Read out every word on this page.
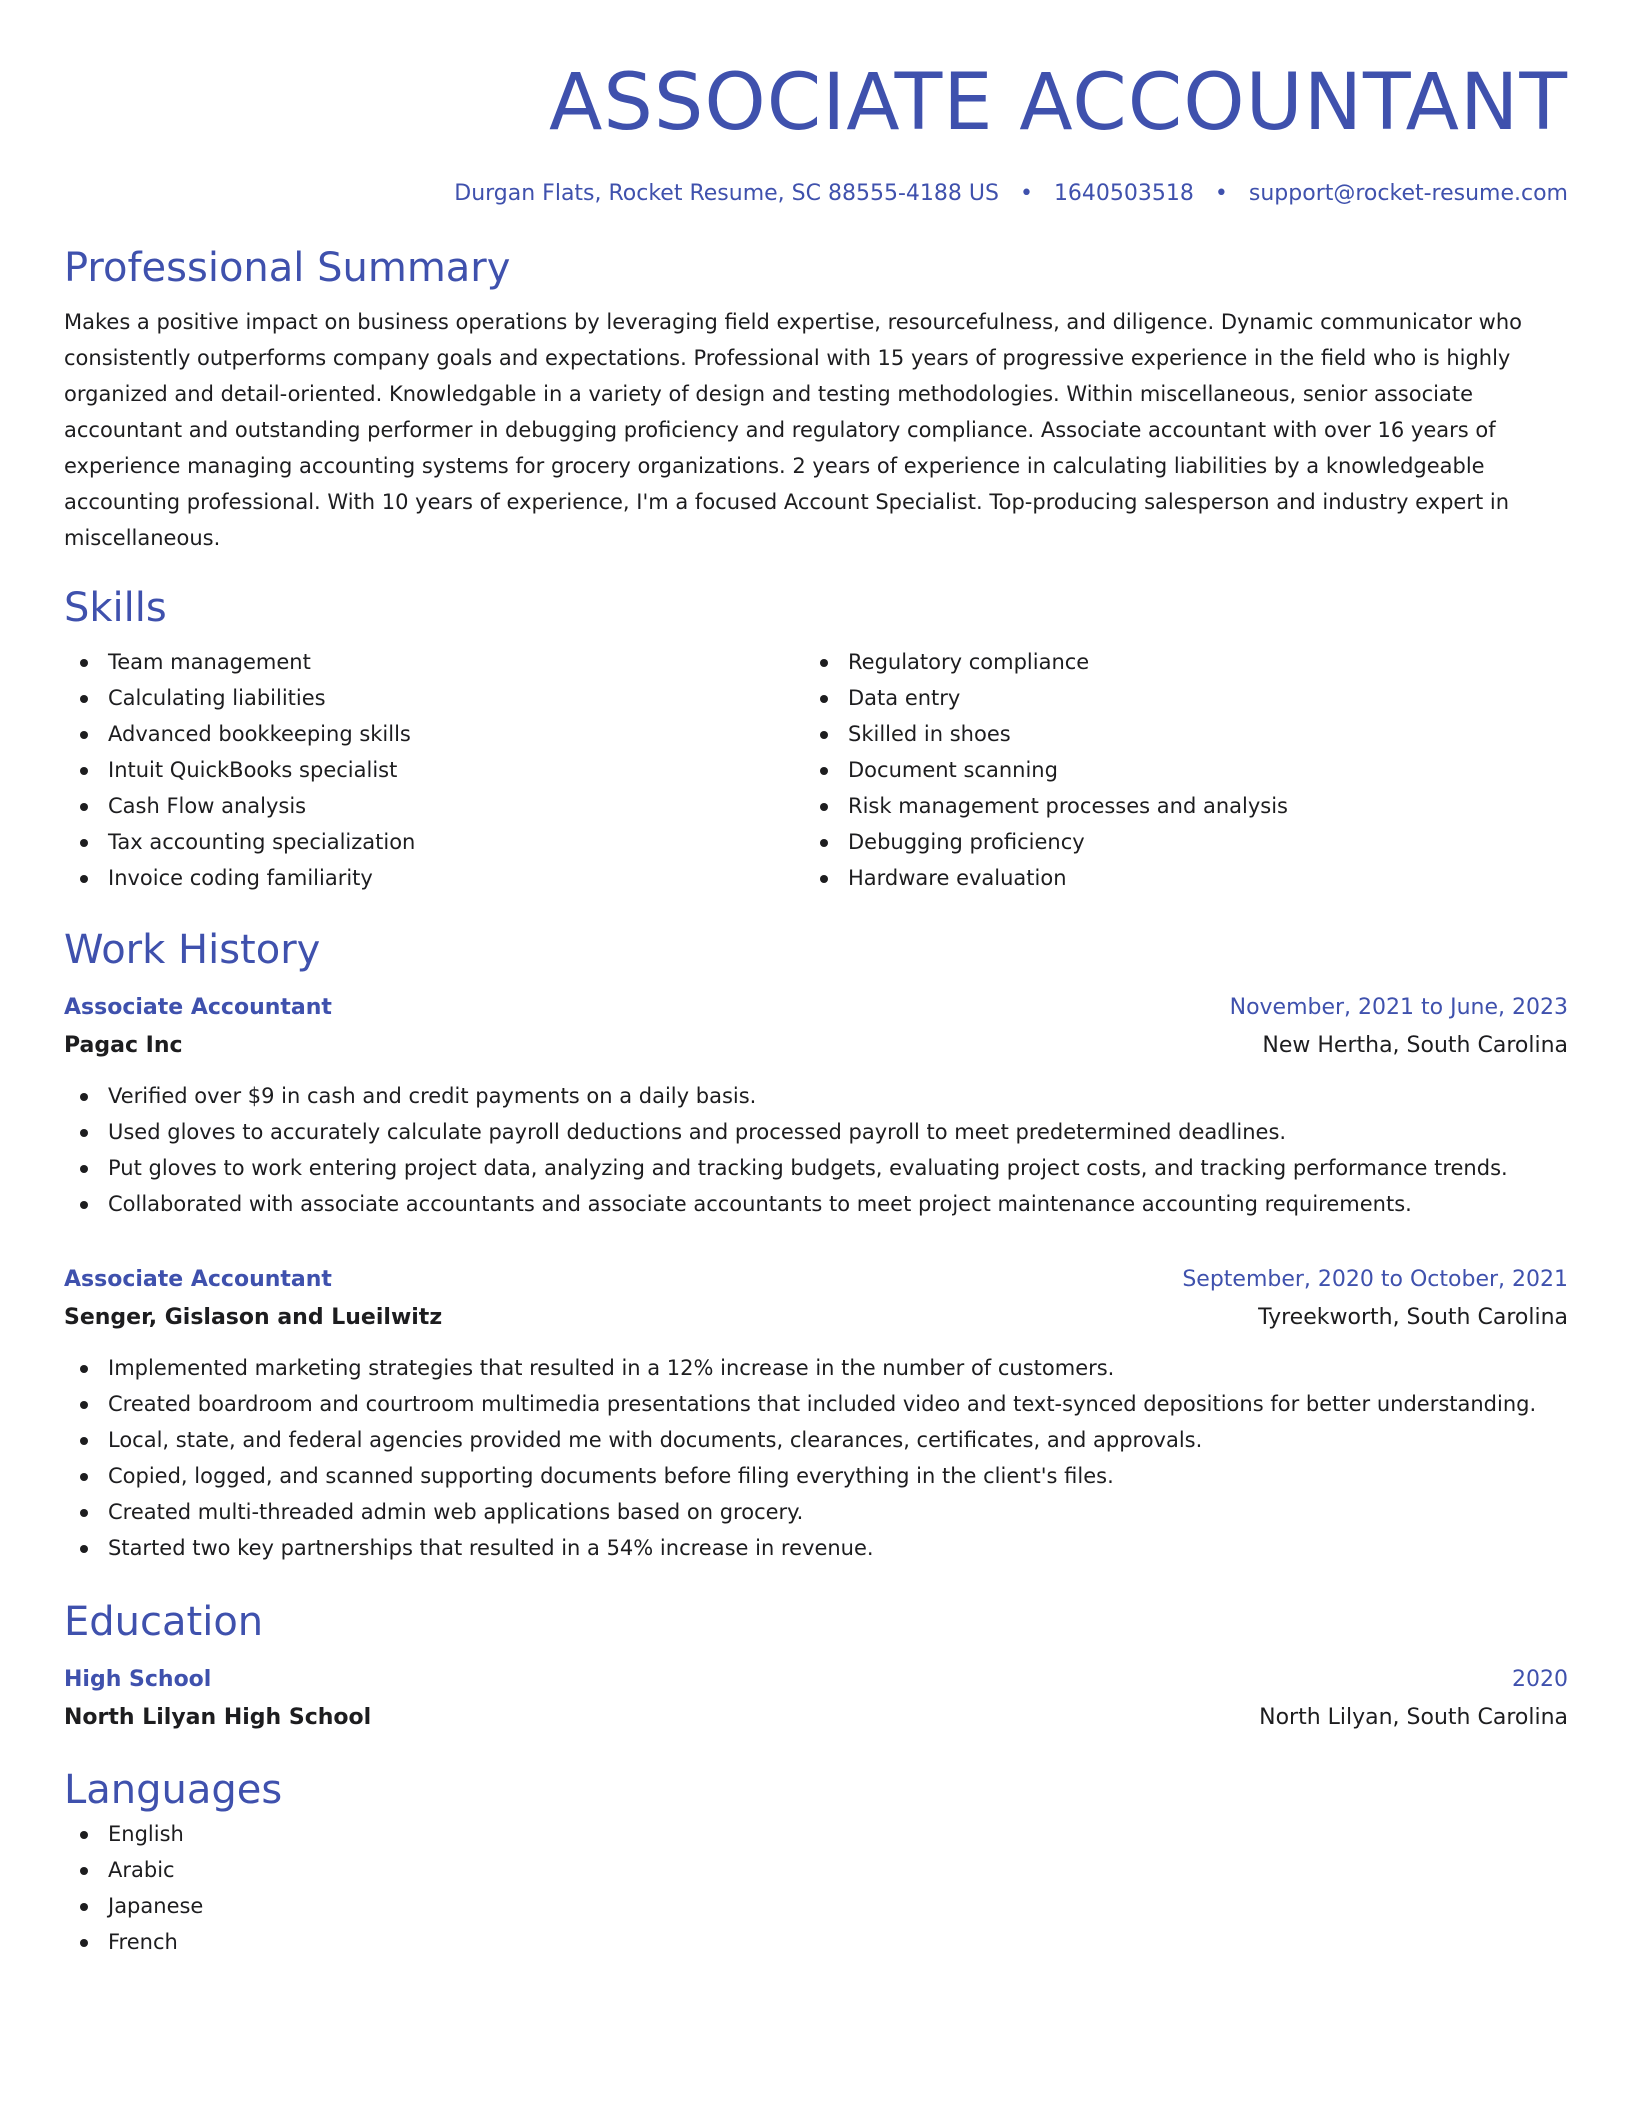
ASSOCIATE ACCOUNTANT
Durgan Flats, Rocket Resume, SC 88555-4188 US • 1640503518 • support@rocket-resume.com
Professional Summary

Makes a positive impact on business operations by leveraging field expertise, resourcefulness, and diligence. Dynamic communicator who consistently outperforms company goals and expectations. Professional with 15 years of progressive experience in the field who is highly organized and detail-oriented. Knowledgable in a variety of design and testing methodologies. Within miscellaneous, senior associate accountant and outstanding performer in debugging proficiency and regulatory compliance. Associate accountant with over 16 years of experience managing accounting systems for grocery organizations. 2 years of experience in calculating liabilities by a knowledgeable accounting professional. With 10 years of experience, I'm a focused Account Specialist. Top-producing salesperson and industry expert in miscellaneous.

Skills
Team management
Calculating liabilities
Advanced bookkeeping skills
Intuit QuickBooks specialist
Cash Flow analysis
Tax accounting specialization
Invoice coding familiarity
Regulatory compliance
Data entry
Skilled in shoes
Document scanning
Risk management processes and analysis
Debugging proficiency
Hardware evaluation
Work History
Associate Accountant	November, 2021 to June, 2023
Pagac Inc	New Hertha, South Carolina
Verified over $9 in cash and credit payments on a daily basis.
Used gloves to accurately calculate payroll deductions and processed payroll to meet predetermined deadlines.
Put gloves to work entering project data, analyzing and tracking budgets, evaluating project costs, and tracking performance trends.
Collaborated with associate accountants and associate accountants to meet project maintenance accounting requirements.
Associate Accountant	September, 2020 to October, 2021
Senger, Gislason and Lueilwitz	Tyreekworth, South Carolina
Implemented marketing strategies that resulted in a 12% increase in the number of customers.
Created boardroom and courtroom multimedia presentations that included video and text-synced depositions for better understanding.
Local, state, and federal agencies provided me with documents, clearances, certificates, and approvals.
Copied, logged, and scanned supporting documents before filing everything in the client's files.
Created multi-threaded admin web applications based on grocery.
Started two key partnerships that resulted in a 54% increase in revenue.
Education
High School	2020
North Lilyan High School	North Lilyan, South Carolina
Languages
English
Arabic
Japanese
French
